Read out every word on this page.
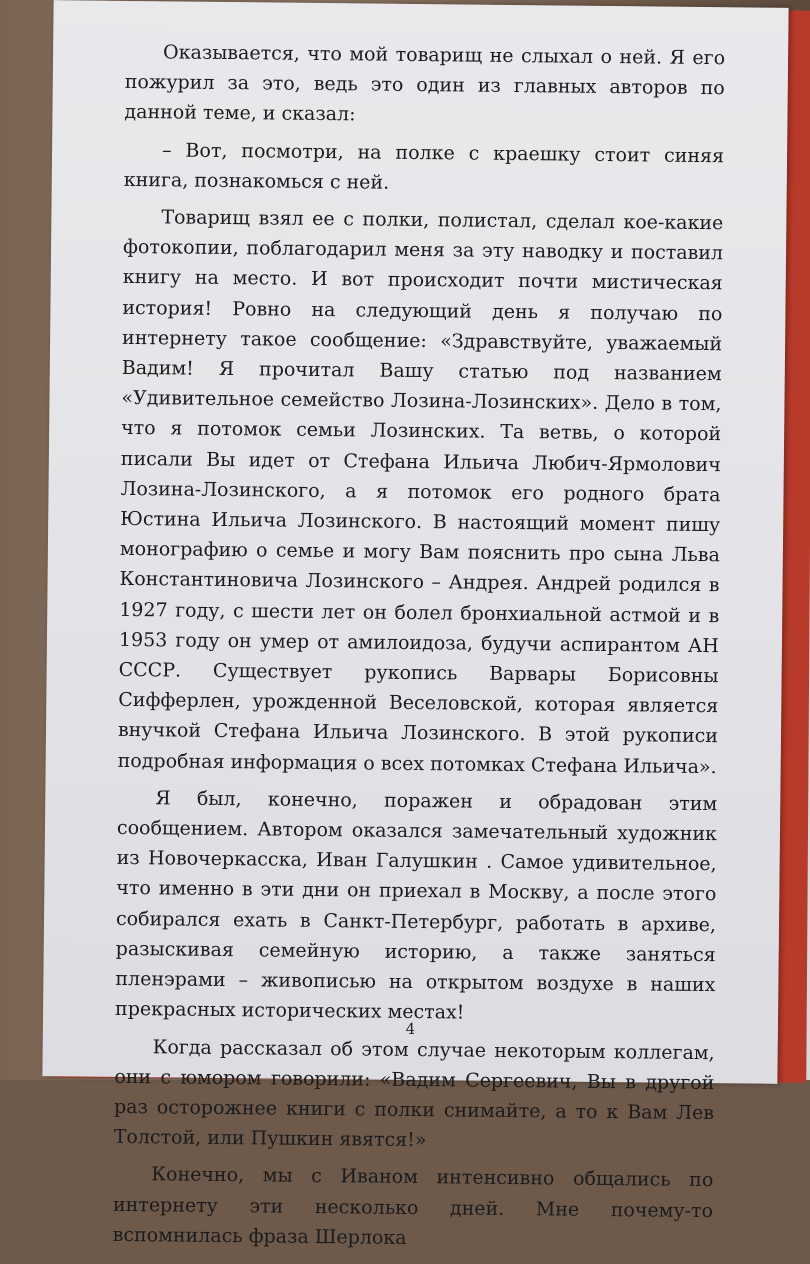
Оказывается, что мой товарищ не слыхал о ней. Я его пожурил за это, ведь это один из главных авторов по данной теме, и сказал:

– Вот, посмотри, на полке с краешку стоит синяя книга, познакомься с ней.

Товарищ взял ее с полки, полистал, сделал кое-какие фотокопии, поблагодарил меня за эту наводку и поставил книгу на место. И вот происходит почти мистическая история! Ровно на следующий день я получаю по интернету такое сообщение: «Здравствуйте, уважаемый Вадим! Я прочитал Вашу статью под названием «Удивительное семейство Лозина-Лозинских». Дело в том, что я потомок семьи Лозинских. Та ветвь, о которой писали Вы идет от Стефана Ильича Любич-Ярмолович Лозина-Лозинского, а я потомок его родного брата Юстина Ильича Лозинского. В настоящий момент пишу монографию о семье и могу Вам пояснить про сына Льва Константиновича Лозинского – Андрея. Андрей родился в 1927 году, с шести лет он болел бронхиальной астмой и в 1953 году он умер от амилоидоза, будучи аспирантом АН СССР. Существует рукопись Варвары Борисовны Сифферлен, урожденной Веселовской, которая является внучкой Стефана Ильича Лозинского. В этой рукописи подробная информация о всех потомках Стефана Ильича».

Я был, конечно, поражен и обрадован этим сообщением. Автором оказался замечательный художник из Новочеркасска, Иван Галушкин . Самое удивительное, что именно в эти дни он приехал в Москву, а после этого собирался ехать в Санкт-Петербург, работать в архиве, разыскивая семейную историю, а также заняться пленэрами – живописью на открытом воздухе в наших прекрасных исторических местах!

Когда рассказал об этом случае некоторым коллегам, они с юмором говорили: «Вадим Сергеевич, Вы в другой раз осторожнее книги с полки снимайте, а то к Вам Лев Толстой, или Пушкин явятся!»

Конечно, мы с Иваном интенсивно общались по интернету эти несколько дней. Мне почему-то вспомнилась фраза Шерлока

4
